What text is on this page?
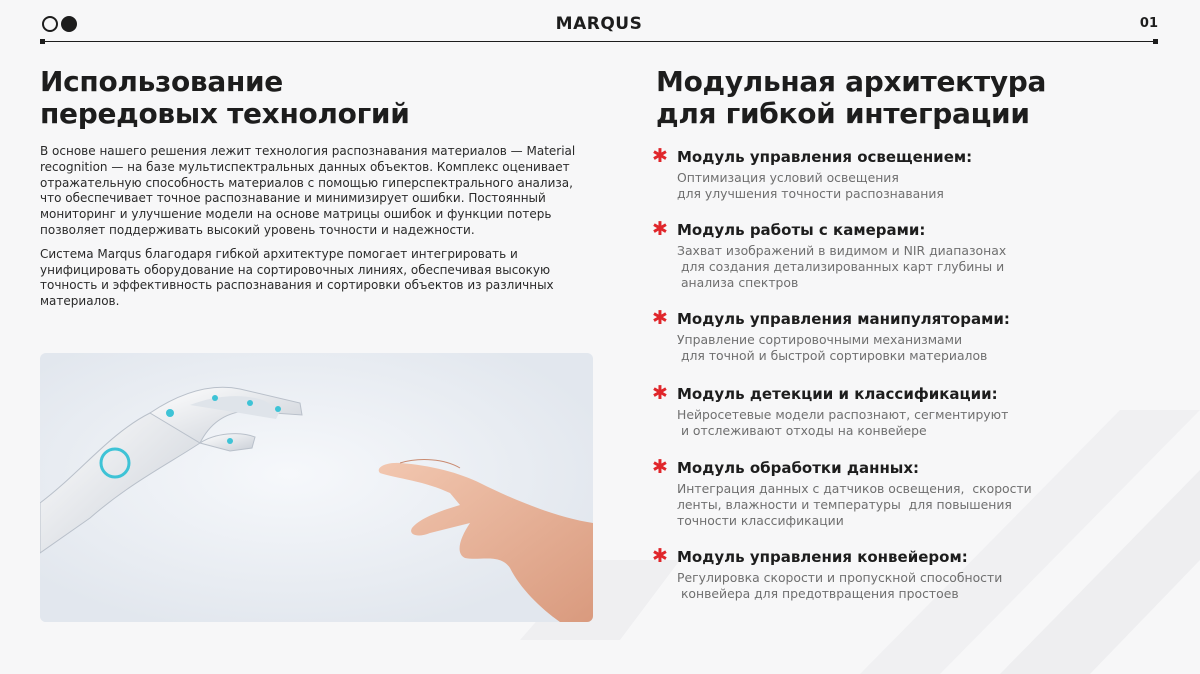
MARQUS	01
Использование
передовых технологий

В основе нашего решения лежит технология распознавания материалов — Material recognition — на базе мультиспектральных данных объектов. Комплекс оценивает отражательную способность материалов с помощью гиперспектрального анализа, что обеспечивает точное распознавание и минимизирует ошибки. Постоянный мониторинг и улучшение модели на основе матрицы ошибок и функции потерь позволяет поддерживать высокий уровень точности и надежности.

Система Marqus благодаря гибкой архитектуре помогает интегрировать и унифицировать оборудование на сортировочных линиях, обеспечивая высокую точность и эффективность распознавания и сортировки объектов из различных материалов.

Модульная архитектура
для гибкой интеграции
✱ Модуль управления освещением:
Оптимизация условий освещения
для улучшения точности распознавания
✱ Модуль работы с камерами:
Захват изображений в видимом и NIR диапазонах
для создания детализированных карт глубины и
анализа спектров
✱ Модуль управления манипуляторами:
Управление сортировочными механизмами
для точной и быстрой сортировки материалов
✱ Модуль детекции и классификации:
Нейросетевые модели распознают, сегментируют
и отслеживают отходы на конвейере
✱ Модуль обработки данных:
Интеграция данных с датчиков освещения,  скорости
ленты, влажности и температуры  для повышения
точности классификации
✱ Модуль управления конвейером:
Регулировка скорости и пропускной способности
конвейера для предотвращения простоев
